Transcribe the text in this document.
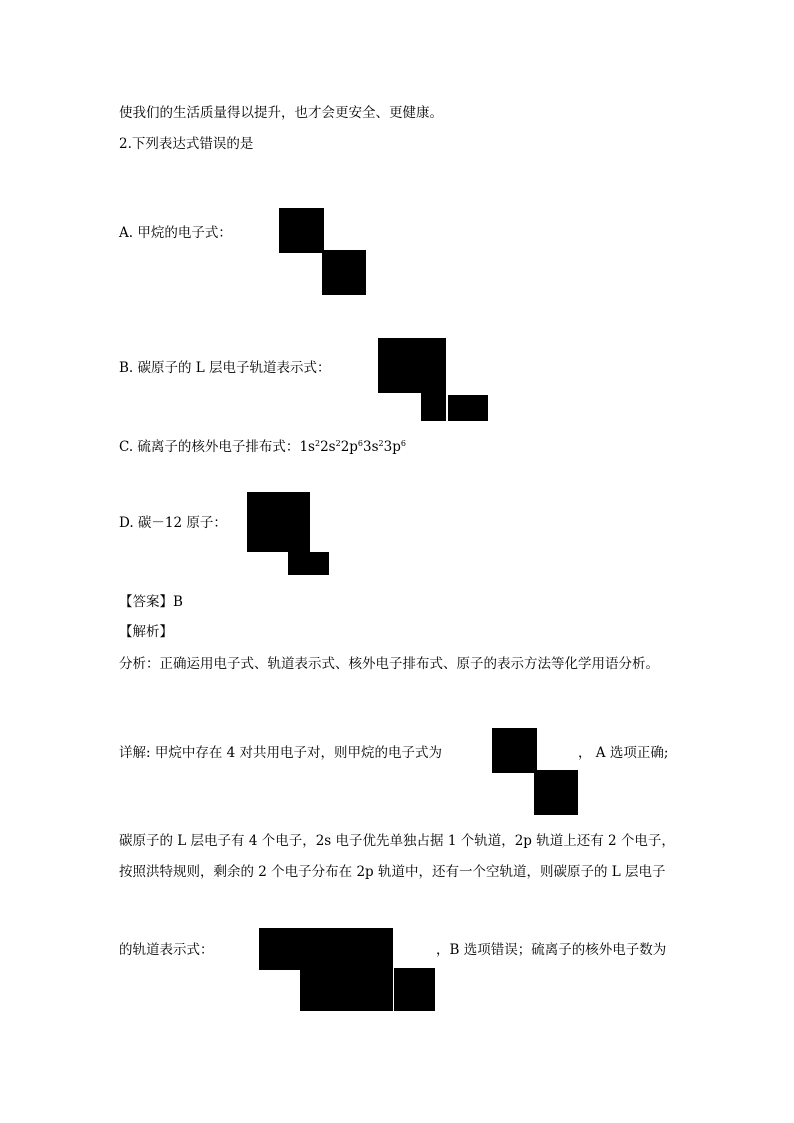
使我们的生活质量得以提升，也才会更安全、更健康。
2.下列表达式错误的是
A. 甲烷的电子式：
B. 碳原子的 L 层电子轨道表示式：
C. 硫离子的核外电子排布式：$1s^22s^22p^63s^23p^6$
D. 碳－12 原子：
【答案】B
【解析】
分析：正确运用电子式、轨道表示式、核外电子排布式、原子的表示方法等化学用语分析。
详解: 甲烷中存在 4 对共用电子对，则甲烷的电子式为	， A 选项正确;
碳原子的 L 层电子有 4 个电子，2s 电子优先单独占据 1 个轨道，2p 轨道上还有 2 个电子，
按照洪特规则，剩余的 2 个电子分布在 2p 轨道中，还有一个空轨道，则碳原子的 L 层电子
的轨道表示式：	，B 选项错误；硫离子的核外电子数为
